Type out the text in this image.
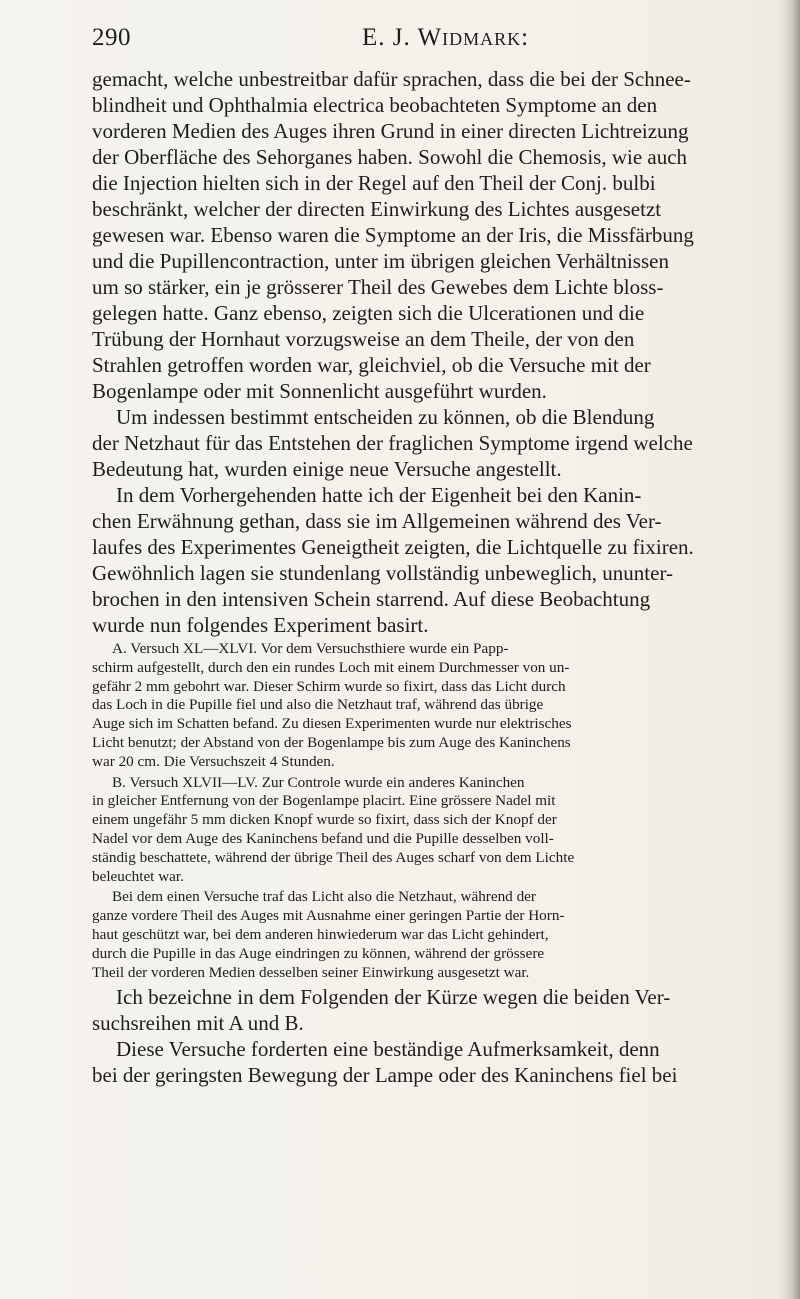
290	E. J. Widmark:
gemacht, welche unbestreitbar dafür sprachen, dass die bei der Schnee-
blindheit und Ophthalmia electrica beobachteten Symptome an den
vorderen Medien des Auges ihren Grund in einer directen Lichtreizung
der Oberfläche des Sehorganes haben. Sowohl die Chemosis, wie auch
die Injection hielten sich in der Regel auf den Theil der Conj. bulbi
beschränkt, welcher der directen Einwirkung des Lichtes ausgesetzt
gewesen war. Ebenso waren die Symptome an der Iris, die Missfärbung
und die Pupillencontraction, unter im übrigen gleichen Verhältnissen
um so stärker, ein je grösserer Theil des Gewebes dem Lichte bloss-
gelegen hatte. Ganz ebenso, zeigten sich die Ulcerationen und die
Trübung der Hornhaut vorzugsweise an dem Theile, der von den
Strahlen getroffen worden war, gleichviel, ob die Versuche mit der
Bogenlampe oder mit Sonnenlicht ausgeführt wurden.
Um indessen bestimmt entscheiden zu können, ob die Blendung
der Netzhaut für das Entstehen der fraglichen Symptome irgend welche
Bedeutung hat, wurden einige neue Versuche angestellt.
In dem Vorhergehenden hatte ich der Eigenheit bei den Kanin-
chen Erwähnung gethan, dass sie im Allgemeinen während des Ver-
laufes des Experimentes Geneigtheit zeigten, die Lichtquelle zu fixiren.
Gewöhnlich lagen sie stundenlang vollständig unbeweglich, ununter-
brochen in den intensiven Schein starrend. Auf diese Beobachtung
wurde nun folgendes Experiment basirt.
A. Versuch XL—XLVI. Vor dem Versuchsthiere wurde ein Papp-
schirm aufgestellt, durch den ein rundes Loch mit einem Durchmesser von un-
gefähr 2 mm gebohrt war. Dieser Schirm wurde so fixirt, dass das Licht durch
das Loch in die Pupille fiel und also die Netzhaut traf, während das übrige
Auge sich im Schatten befand. Zu diesen Experimenten wurde nur elektrisches
Licht benutzt; der Abstand von der Bogenlampe bis zum Auge des Kaninchens
war 20 cm. Die Versuchszeit 4 Stunden.
B. Versuch XLVII—LV. Zur Controle wurde ein anderes Kaninchen
in gleicher Entfernung von der Bogenlampe placirt. Eine grössere Nadel mit
einem ungefähr 5 mm dicken Knopf wurde so fixirt, dass sich der Knopf der
Nadel vor dem Auge des Kaninchens befand und die Pupille desselben voll-
ständig beschattete, während der übrige Theil des Auges scharf von dem Lichte
beleuchtet war.
Bei dem einen Versuche traf das Licht also die Netzhaut, während der
ganze vordere Theil des Auges mit Ausnahme einer geringen Partie der Horn-
haut geschützt war, bei dem anderen hinwiederum war das Licht gehindert,
durch die Pupille in das Auge eindringen zu können, während der grössere
Theil der vorderen Medien desselben seiner Einwirkung ausgesetzt war.
Ich bezeichne in dem Folgenden der Kürze wegen die beiden Ver-
suchsreihen mit A und B.
Diese Versuche forderten eine beständige Aufmerksamkeit, denn
bei der geringsten Bewegung der Lampe oder des Kaninchens fiel bei
